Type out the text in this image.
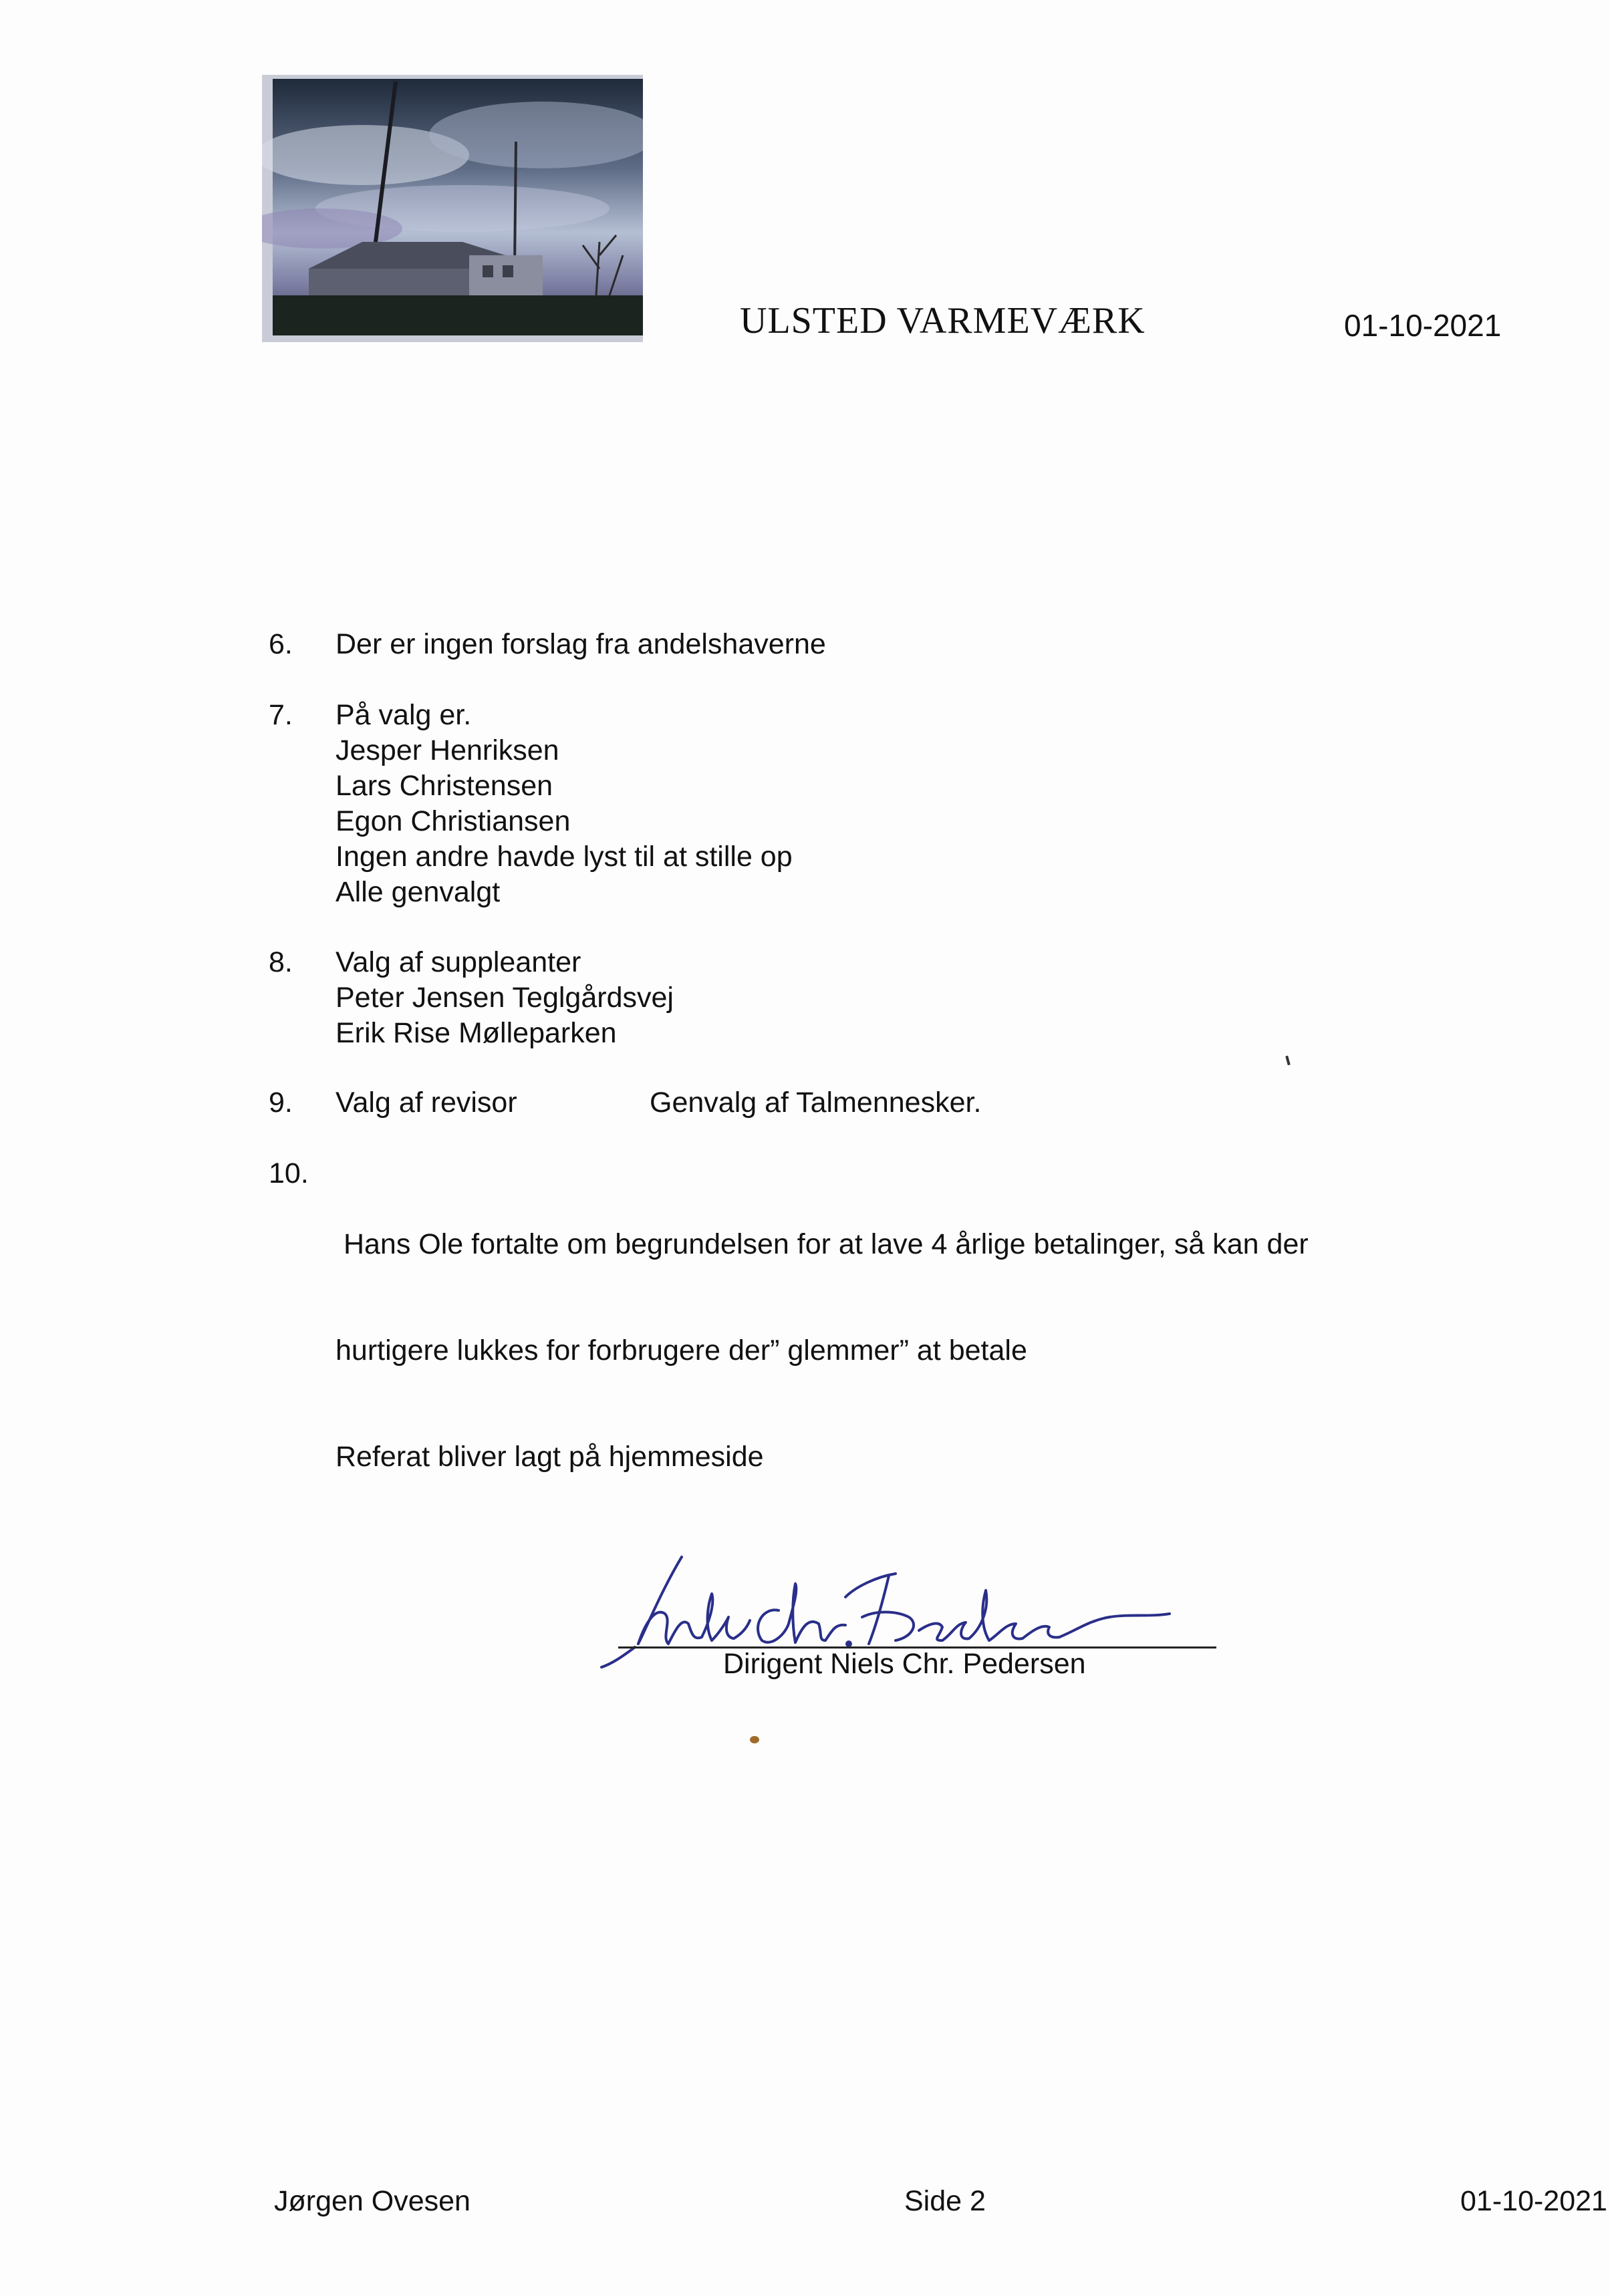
ULSTED VARMEVÆRK	01-10-2021
6. Der er ingen forslag fra andelshaverne
7. På valg er.
Jesper Henriksen
Lars Christensen
Egon Christiansen
Ingen andre havde lyst til at stille op
Alle genvalgt
8. Valg af suppleanter
Peter Jensen Teglgårdsvej
Erik Rise Mølleparken
9. Valg af revisor	Genvalg af Talmennesker.
10.

Hans Ole fortalte om begrundelsen for at lave 4 årlige betalinger, så kan der

hurtigere lukkes for forbrugere der” glemmer” at betale

Referat bliver lagt på hjemmeside

Dirigent Niels Chr. Pedersen
Jørgen Ovesen	Side 2	01-10-2021
